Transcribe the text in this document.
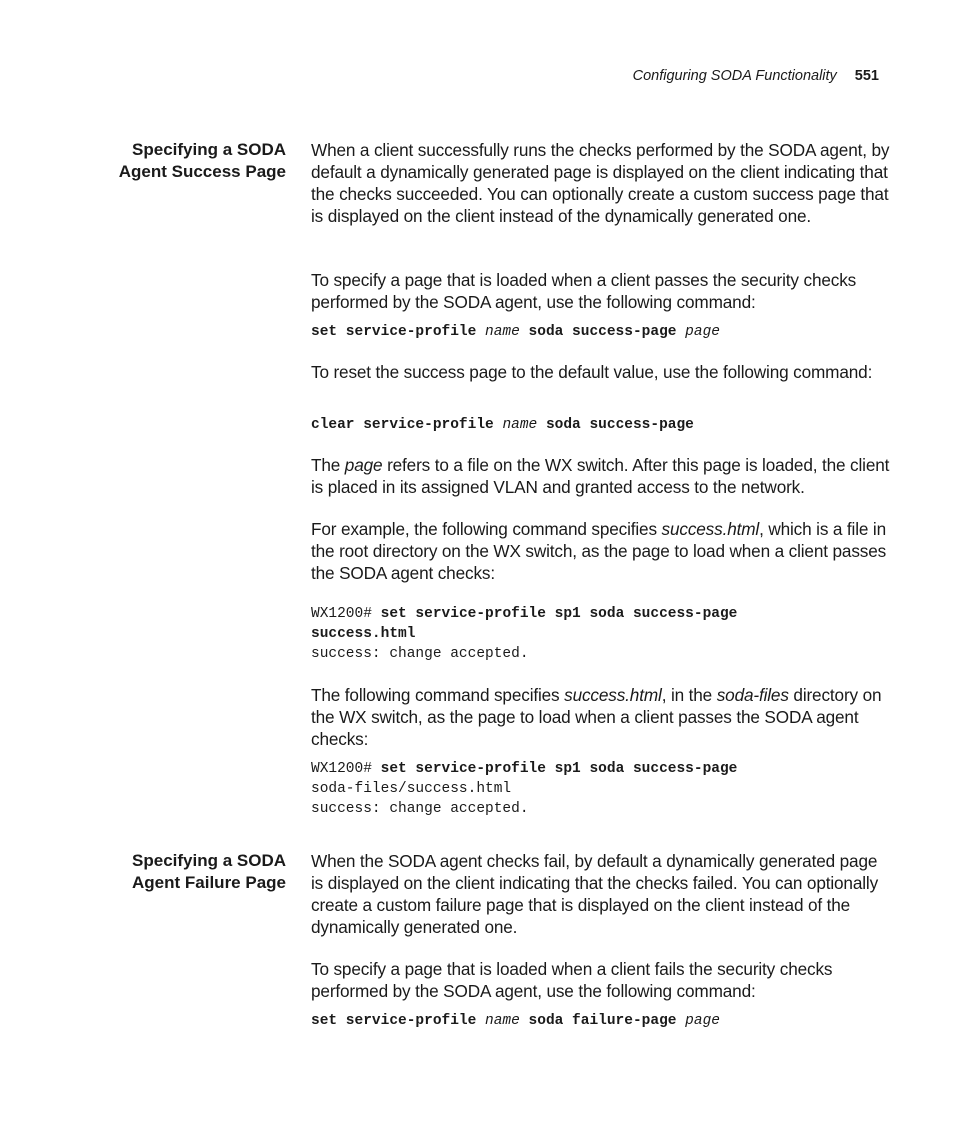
Configuring SODA Functionality 551
Specifying a SODA
Agent Success Page

When a client successfully runs the checks performed by the SODA agent, by default a dynamically generated page is displayed on the client indicating that the checks succeeded. You can optionally create a custom success page that is displayed on the client instead of the dynamically generated one.

To specify a page that is loaded when a client passes the security checks performed by the SODA agent, use the following command:

set service-profile name soda success-page page

To reset the success page to the default value, use the following command:

clear service-profile name soda success-page

The page refers to a file on the WX switch. After this page is loaded, the client is placed in its assigned VLAN and granted access to the network.

For example, the following command specifies success.html, which is a file in the root directory on the WX switch, as the page to load when a client passes the SODA agent checks:

WX1200# set service-profile sp1 soda success-page

success.html

success: change accepted.

The following command specifies success.html, in the soda-files directory on the WX switch, as the page to load when a client passes the SODA agent checks:

WX1200# set service-profile sp1 soda success-page

soda-files/success.html

success: change accepted.

Specifying a SODA
Agent Failure Page

When the SODA agent checks fail, by default a dynamically generated page is displayed on the client indicating that the checks failed. You can optionally create a custom failure page that is displayed on the client instead of the dynamically generated one.

To specify a page that is loaded when a client fails the security checks performed by the SODA agent, use the following command:

set service-profile name soda failure-page page
